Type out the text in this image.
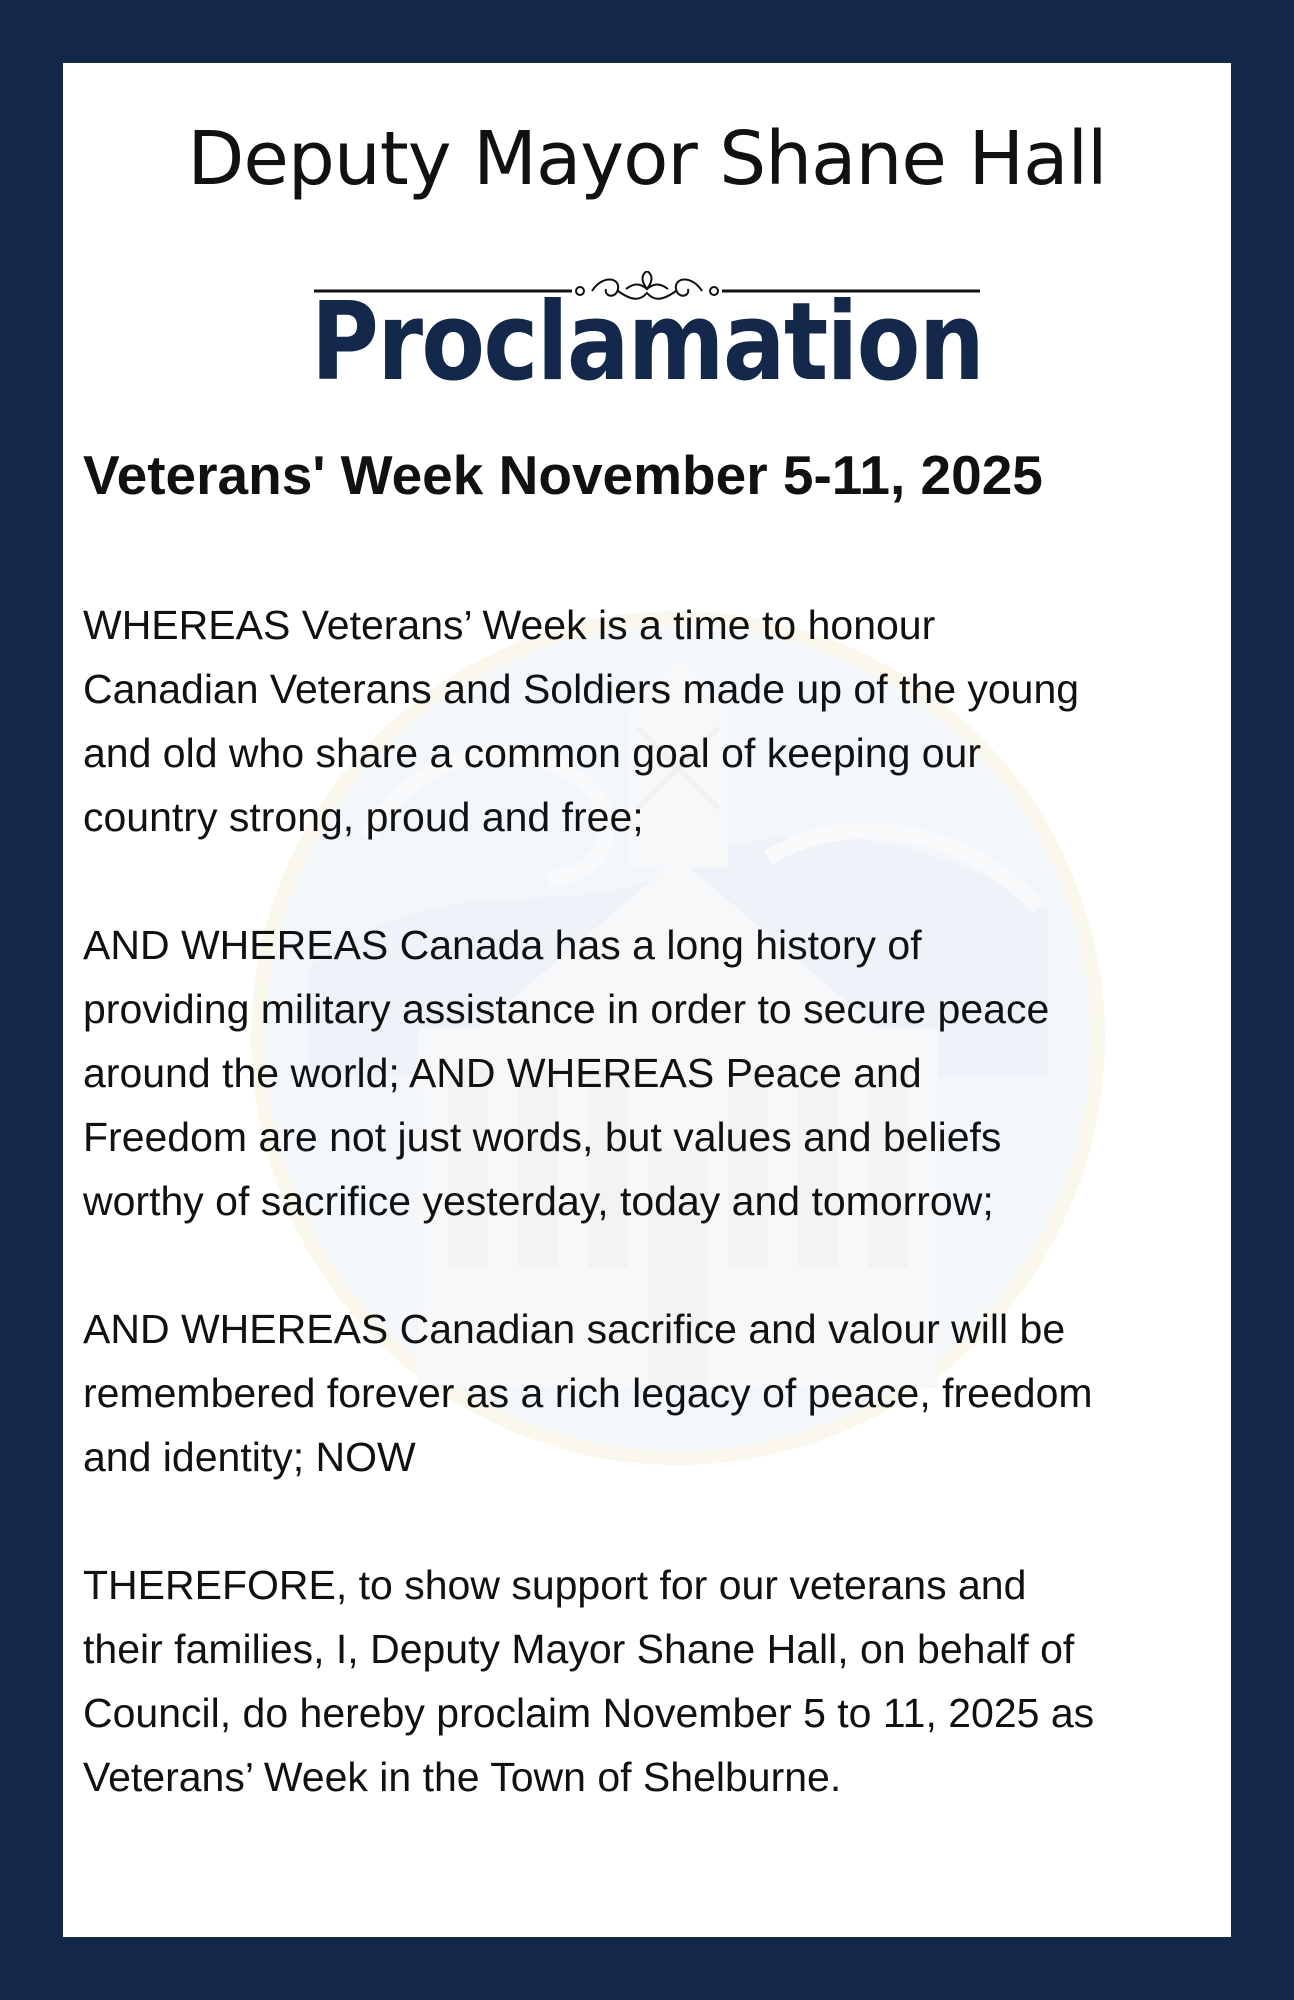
Deputy Mayor Shane Hall
Proclamation
Veterans' Week November 5-11, 2025

WHEREAS Veterans’ Week is a time to honour
Canadian Veterans and Soldiers made up of the young
and old who share a common goal of keeping our
country strong, proud and free;

AND WHEREAS Canada has a long history of
providing military assistance in order to secure peace
around the world; AND WHEREAS Peace and
Freedom are not just words, but values and beliefs
worthy of sacrifice yesterday, today and tomorrow;

AND WHEREAS Canadian sacrifice and valour will be
remembered forever as a rich legacy of peace, freedom
and identity; NOW

THEREFORE, to show support for our veterans and
their families, I, Deputy Mayor Shane Hall, on behalf of
Council, do hereby proclaim November 5 to 11, 2025 as
Veterans’ Week in the Town of Shelburne.
